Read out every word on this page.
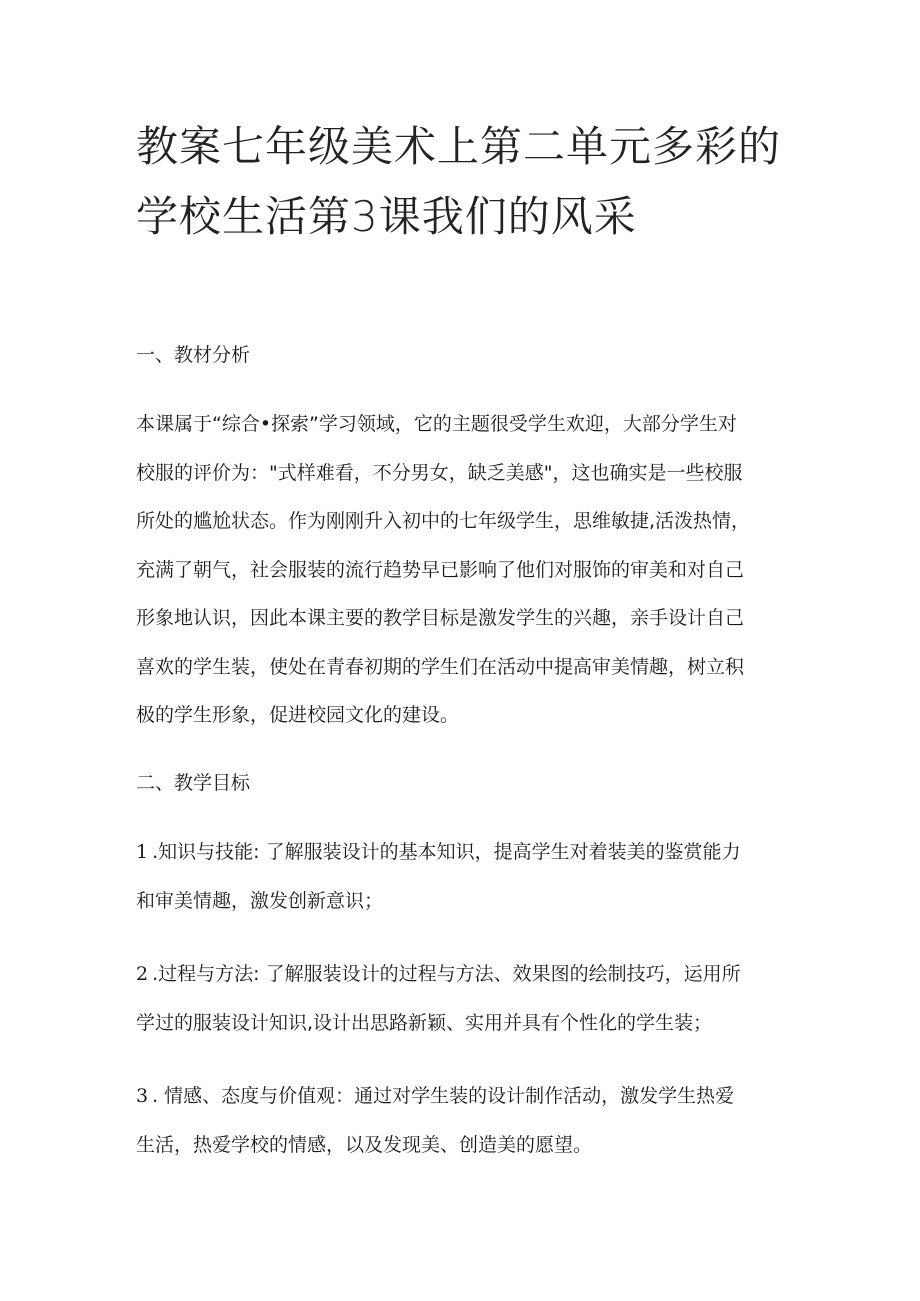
教案七年级美术上第二单元多彩的
学校生活第3课我们的风采
一、教材分析

本课属于“综合•探索”学习领域，它的主题很受学生欢迎，大部分学生对
校服的评价为："式样难看，不分男女，缺乏美感"，这也确实是一些校服
所处的尴尬状态。作为刚刚升入初中的七年级学生，思维敏捷,活泼热情，
充满了朝气，社会服装的流行趋势早已影响了他们对服饰的审美和对自己
形象地认识，因此本课主要的教学目标是激发学生的兴趣，亲手设计自己
喜欢的学生装，使处在青春初期的学生们在活动中提高审美情趣，树立积
极的学生形象，促进校园文化的建设。

二、教学目标

1 .知识与技能: 了解服装设计的基本知识，提高学生对着装美的鉴赏能力
和审美情趣，激发创新意识；

2 .过程与方法: 了解服装设计的过程与方法、效果图的绘制技巧，运用所
学过的服装设计知识,设计出思路新颖、实用并具有个性化的学生装；

3 . 情感、态度与价值观：通过对学生装的设计制作活动，激发学生热爱
生活，热爱学校的情感，以及发现美、创造美的愿望。
